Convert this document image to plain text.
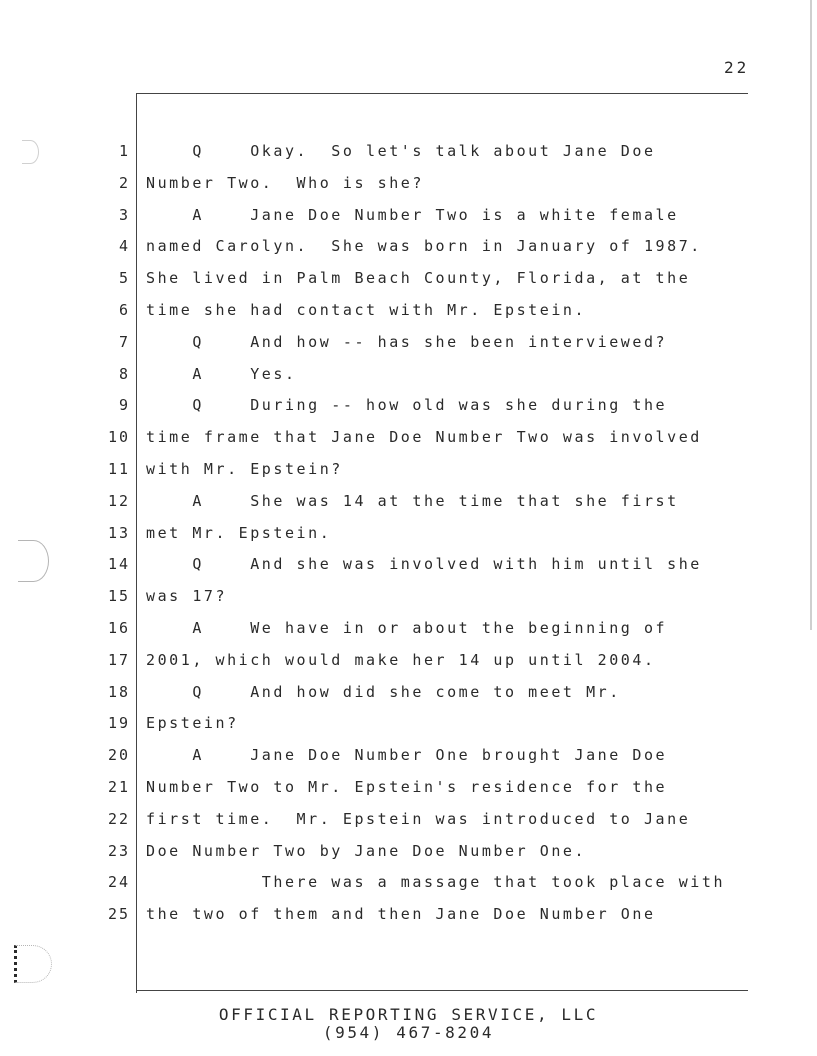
22
1
2
3
4
5
6
7
8
9
10
11
12
13
14
15
16
17
18
19
20
21
22
23
24
25
Q    Okay.  So let's talk about Jane Doe
Number Two.  Who is she?
A    Jane Doe Number Two is a white female
named Carolyn.  She was born in January of 1987.
She lived in Palm Beach County, Florida, at the
time she had contact with Mr. Epstein.
Q    And how -- has she been interviewed?
A    Yes.
Q    During -- how old was she during the
time frame that Jane Doe Number Two was involved
with Mr. Epstein?
A    She was 14 at the time that she first
met Mr. Epstein.
Q    And she was involved with him until she
was 17?
A    We have in or about the beginning of
2001, which would make her 14 up until 2004.
Q    And how did she come to meet Mr.
Epstein?
A    Jane Doe Number One brought Jane Doe
Number Two to Mr. Epstein's residence for the
first time.  Mr. Epstein was introduced to Jane
Doe Number Two by Jane Doe Number One.
There was a massage that took place with
the two of them and then Jane Doe Number One
OFFICIAL REPORTING SERVICE, LLC
(954) 467-8204
